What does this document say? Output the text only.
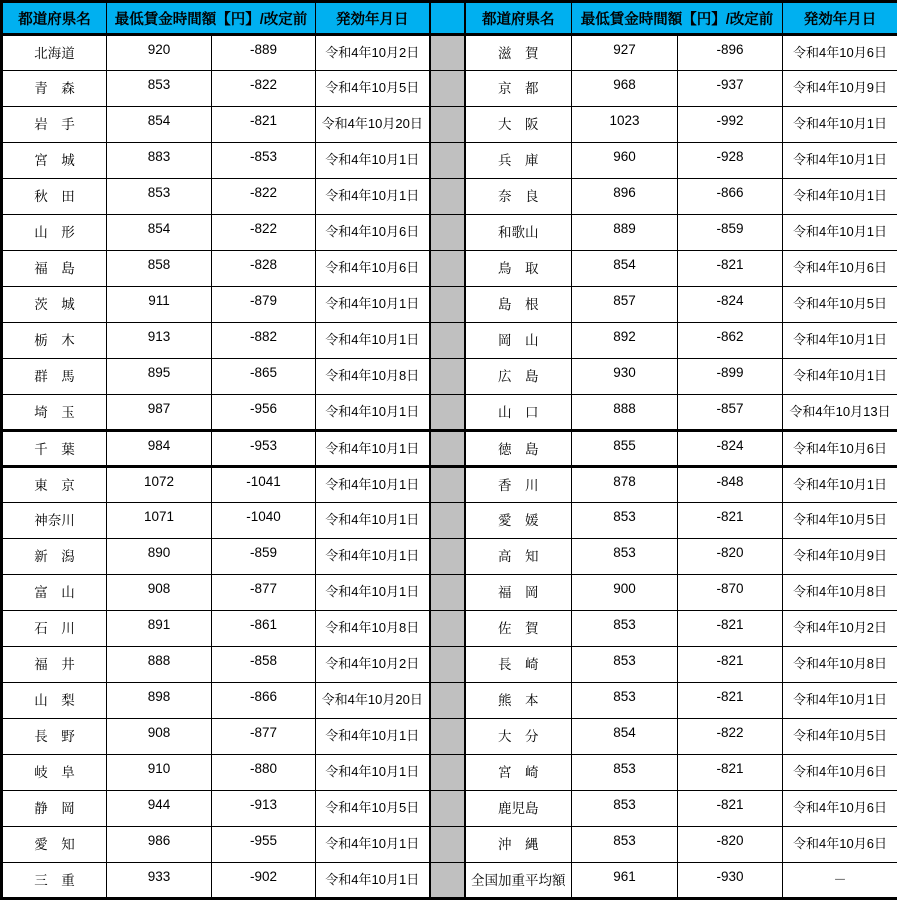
都道府県名	最低賃金時間額【円】/改定前		発効年月日		都道府県名	最低賃金時間額【円】/改定前		発効年月日
北海道	920	-889	令和4年10月2日		滋　賀	927	-896	令和4年10月6日
青　森	853	-822	令和4年10月5日		京　都	968	-937	令和4年10月9日
岩　手	854	-821	令和4年10月20日		大　阪	1023	-992	令和4年10月1日
宮　城	883	-853	令和4年10月1日		兵　庫	960	-928	令和4年10月1日
秋　田	853	-822	令和4年10月1日		奈　良	896	-866	令和4年10月1日
山　形	854	-822	令和4年10月6日		和歌山	889	-859	令和4年10月1日
福　島	858	-828	令和4年10月6日		鳥　取	854	-821	令和4年10月6日
茨　城	911	-879	令和4年10月1日		島　根	857	-824	令和4年10月5日
栃　木	913	-882	令和4年10月1日		岡　山	892	-862	令和4年10月1日
群　馬	895	-865	令和4年10月8日		広　島	930	-899	令和4年10月1日
埼　玉	987	-956	令和4年10月1日		山　口	888	-857	令和4年10月13日
千　葉	984	-953	令和4年10月1日		徳　島	855	-824	令和4年10月6日
東　京	1072	-1041	令和4年10月1日		香　川	878	-848	令和4年10月1日
神奈川	1071	-1040	令和4年10月1日		愛　媛	853	-821	令和4年10月5日
新　潟	890	-859	令和4年10月1日		高　知	853	-820	令和4年10月9日
富　山	908	-877	令和4年10月1日		福　岡	900	-870	令和4年10月8日
石　川	891	-861	令和4年10月8日		佐　賀	853	-821	令和4年10月2日
福　井	888	-858	令和4年10月2日		長　崎	853	-821	令和4年10月8日
山　梨	898	-866	令和4年10月20日		熊　本	853	-821	令和4年10月1日
長　野	908	-877	令和4年10月1日		大　分	854	-822	令和4年10月5日
岐　阜	910	-880	令和4年10月1日		宮　崎	853	-821	令和4年10月6日
静　岡	944	-913	令和4年10月5日		鹿児島	853	-821	令和4年10月6日
愛　知	986	-955	令和4年10月1日		沖　縄	853	-820	令和4年10月6日
三　重	933	-902	令和4年10月1日		全国加重平均額	961	-930	－
